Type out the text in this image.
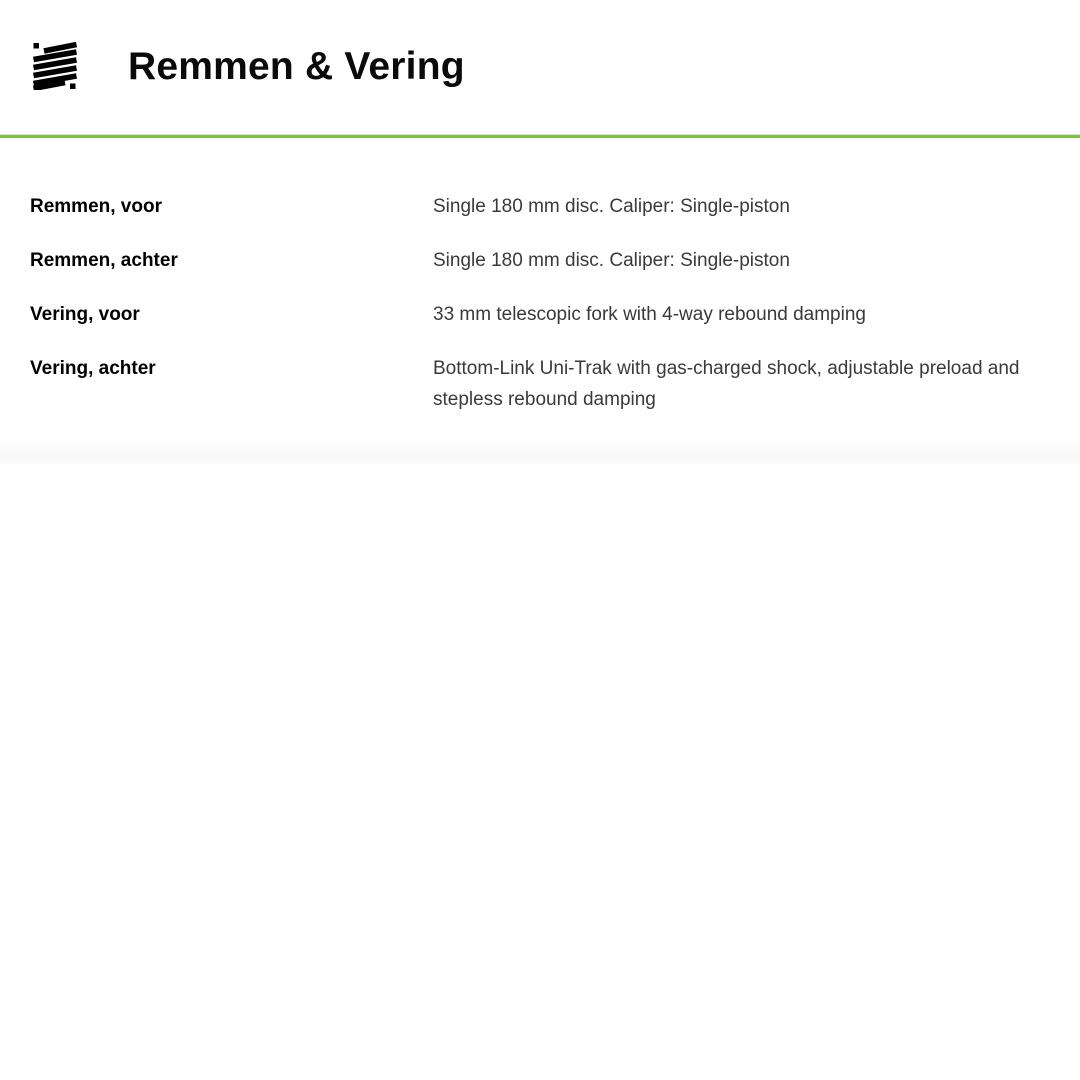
Remmen & Vering
Remmen, voor	Single 180 mm disc. Caliper: Single-piston
Remmen, achter	Single 180 mm disc. Caliper: Single-piston
Vering, voor	33 mm telescopic fork with 4-way rebound damping
Vering, achter	Bottom-Link Uni-Trak with gas-charged shock, adjustable preload and stepless rebound damping
